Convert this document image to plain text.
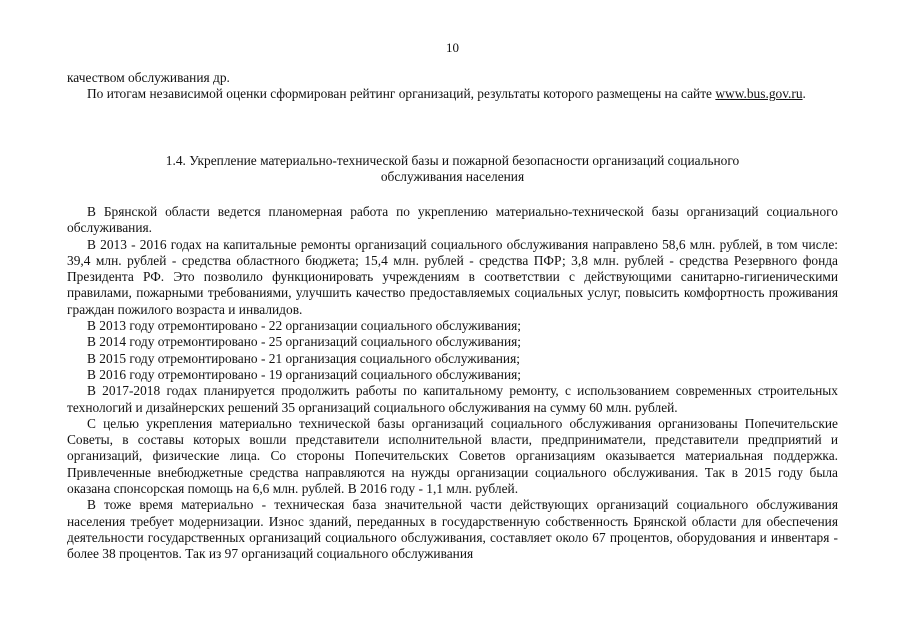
10

качеством обслуживания др.

По итогам независимой оценки сформирован рейтинг организаций, результаты которого размещены на сайте www.bus.gov.ru.

1.4. Укрепление материально-технической базы и пожарной безопасности организаций социального
обслуживания населения

В Брянской области ведется планомерная работа по укреплению материально-технической базы организаций социального обслуживания.

В 2013 - 2016 годах на капитальные ремонты организаций социального обслуживания направлено 58,6 млн. рублей, в том числе: 39,4 млн. рублей - средства областного бюджета; 15,4 млн. рублей - средства ПФР; 3,8 млн. рублей - средства Резервного фонда Президента РФ. Это позволило функционировать учреждениям в соответствии с действующими санитарно-гигиеническими правилами, пожарными требованиями, улучшить качество предоставляемых социальных услуг, повысить комфортность проживания граждан пожилого возраста и инвалидов.

В 2013 году отремонтировано - 22 организации социального обслуживания;

В 2014 году отремонтировано - 25 организаций социального обслуживания;

В 2015 году отремонтировано - 21 организация социального обслуживания;

В 2016 году отремонтировано - 19 организаций социального обслуживания;

В 2017-2018 годах планируется продолжить работы по капитальному ремонту, с использованием современных строительных технологий и дизайнерских решений 35 организаций социального обслуживания на сумму 60 млн. рублей.

С целью укрепления материально технической базы организаций социального обслуживания организованы Попечительские Советы, в составы которых вошли представители исполнительной власти, предприниматели, представители предприятий и организаций, физические лица. Со стороны Попечительских Советов организациям оказывается материальная поддержка. Привлеченные внебюджетные средства направляются на нужды организации социального обслуживания. Так в 2015 году была оказана спонсорская помощь на 6,6 млн. рублей. В 2016 году - 1,1 млн. рублей.

В тоже время материально - техническая база значительной части действующих организаций социального обслуживания населения требует модернизации. Износ зданий, переданных в государственную собственность Брянской области для обеспечения деятельности государственных организаций социального обслуживания, составляет около 67 процентов, оборудования и инвентаря - более 38 процентов. Так из 97 организаций социального обслуживания
